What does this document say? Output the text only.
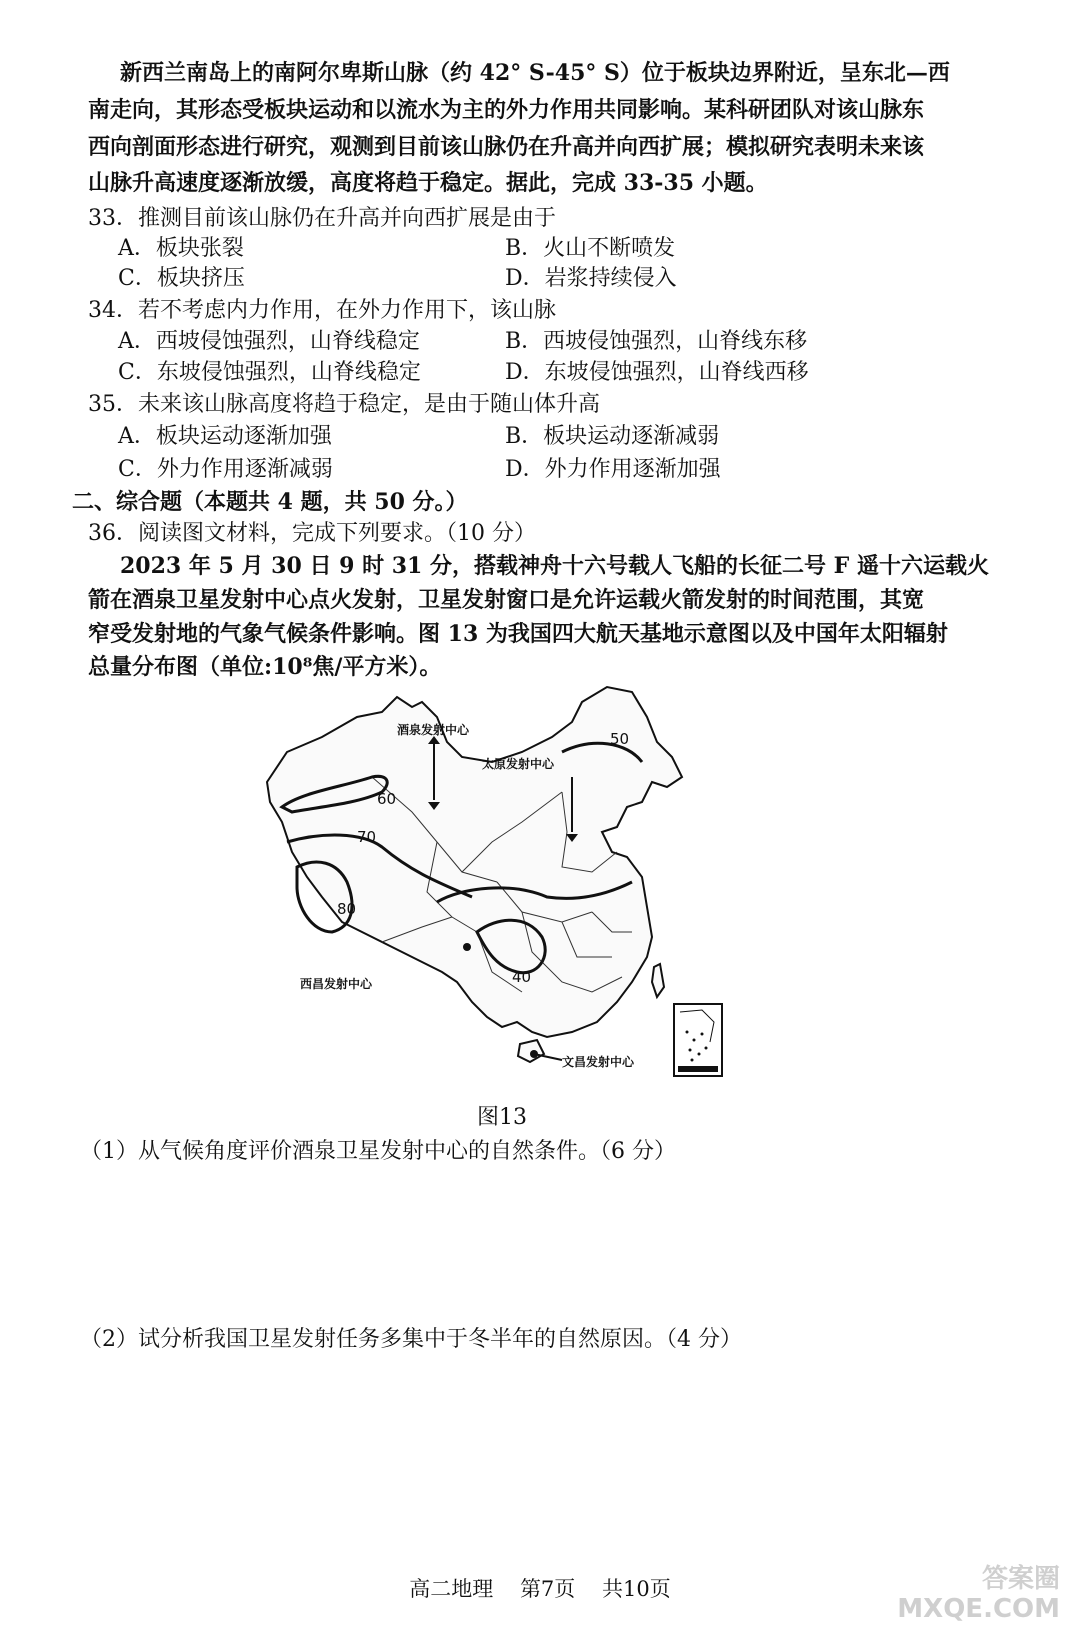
新西兰南岛上的南阿尔卑斯山脉（约 42° S-45° S）位于板块边界附近，呈东北—西
南走向，其形态受板块运动和以流水为主的外力作用共同影响。某科研团队对该山脉东
西向剖面形态进行研究，观测到目前该山脉仍在升高并向西扩展；模拟研究表明未来该
山脉升高速度逐渐放缓，高度将趋于稳定。据此，完成 33-35 小题。
33．推测目前该山脉仍在升高并向西扩展是由于
A．板块张裂	B．火山不断喷发
C．板块挤压	D．岩浆持续侵入
34．若不考虑内力作用，在外力作用下，该山脉
A．西坡侵蚀强烈，山脊线稳定	B．西坡侵蚀强烈，山脊线东移
C．东坡侵蚀强烈，山脊线稳定	D．东坡侵蚀强烈，山脊线西移
35．未来该山脉高度将趋于稳定，是由于随山体升高
A．板块运动逐渐加强	B．板块运动逐渐减弱
C．外力作用逐渐减弱	D．外力作用逐渐加强
二、综合题（本题共 4 题，共 50 分。）
36．阅读图文材料，完成下列要求。（10 分）
2023 年 5 月 30 日 9 时 31 分，搭载神舟十六号载人飞船的长征二号 F 遥十六运载火
箭在酒泉卫星发射中心点火发射，卫星发射窗口是允许运载火箭发射的时间范围，其宽
窄受发射地的气象气候条件影响。图 13 为我国四大航天基地示意图以及中国年太阳辐射
总量分布图（单位:10⁸焦/平方米）。
60
70
80
40
50
酒泉发射中心
太原发射中心
西昌发射中心
文昌发射中心
图13
（1）从气候角度评价酒泉卫星发射中心的自然条件。（6 分）
（2）试分析我国卫星发射任务多集中于冬半年的自然原因。（4 分）
高二地理 第7页 共10页	答案圈
MXQE.COM
